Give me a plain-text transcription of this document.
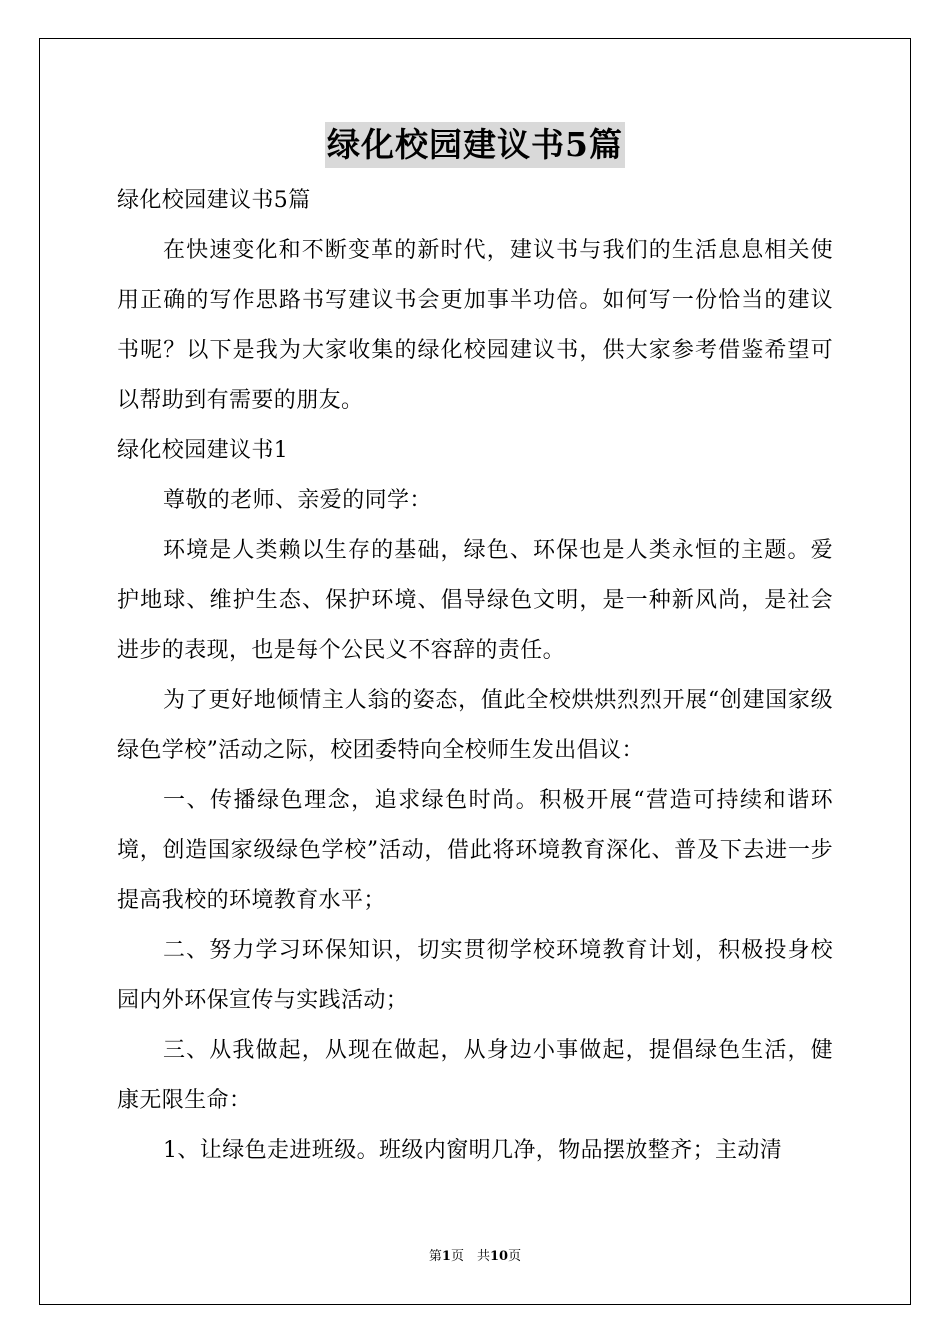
绿化校园建议书5篇

绿化校园建议书5篇

在快速变化和不断变革的新时代，建议书与我们的生活息息相关使用正确的写作思路书写建议书会更加事半功倍。如何写一份恰当的建议书呢？以下是我为大家收集的绿化校园建议书，供大家参考借鉴希望可以帮助到有需要的朋友。

绿化校园建议书1

尊敬的老师、亲爱的同学：

环境是人类赖以生存的基础，绿色、环保也是人类永恒的主题。爱护地球、维护生态、保护环境、倡导绿色文明，是一种新风尚，是社会进步的表现，也是每个公民义不容辞的责任。

为了更好地倾情主人翁的姿态，值此全校烘烘烈烈开展“创建国家级绿色学校”活动之际，校团委特向全校师生发出倡议：

一、传播绿色理念，追求绿色时尚。积极开展“营造可持续和谐环境，创造国家级绿色学校”活动，借此将环境教育深化、普及下去进一步提高我校的环境教育水平；

二、努力学习环保知识，切实贯彻学校环境教育计划，积极投身校园内外环保宣传与实践活动；

三、从我做起，从现在做起，从身边小事做起，提倡绿色生活，健康无限生命：

1、让绿色走进班级。班级内窗明几净，物品摆放整齐；主动清

第1页　共10页
